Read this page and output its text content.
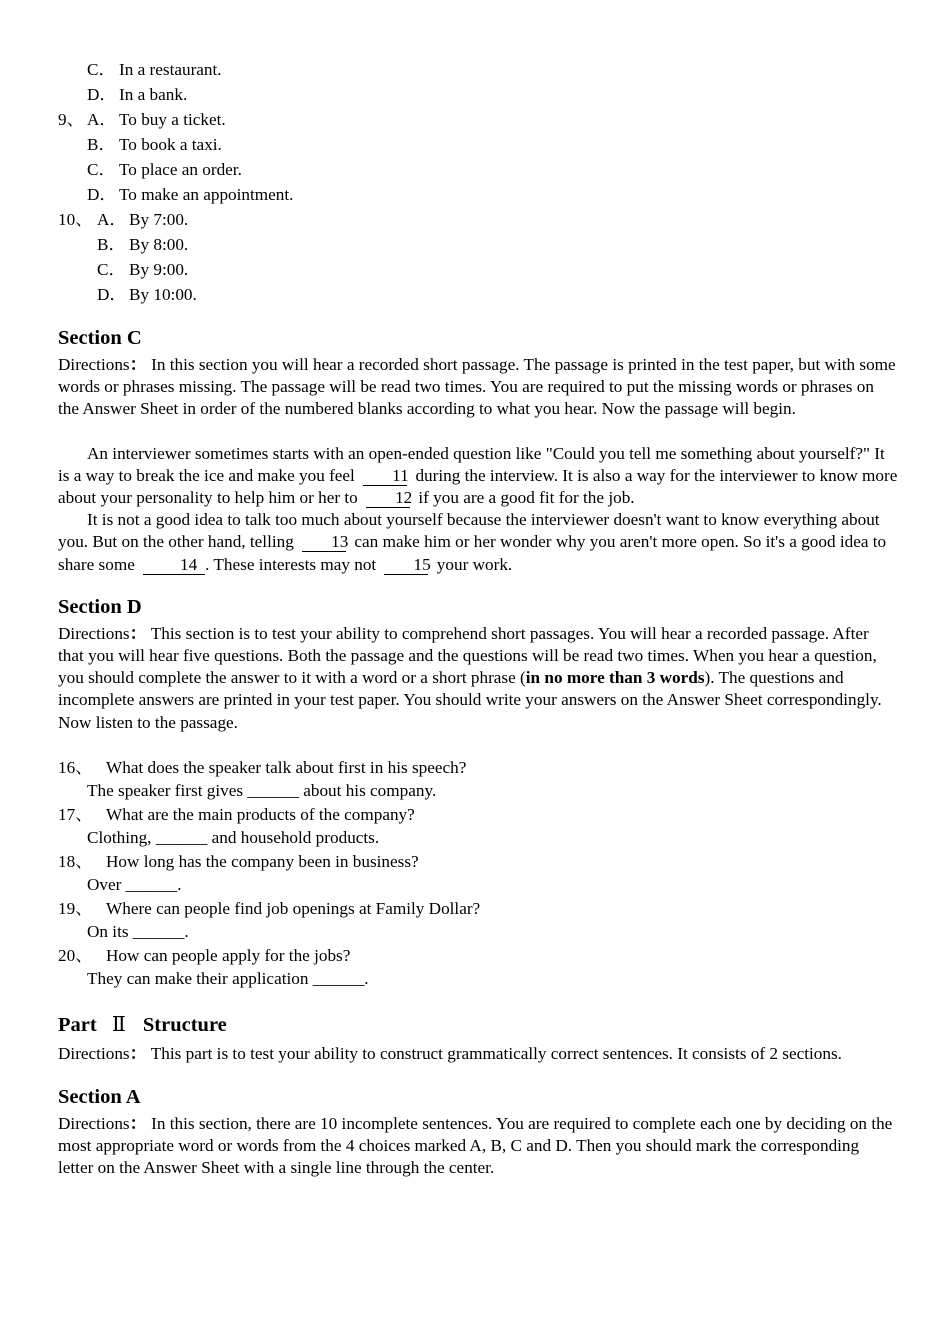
C． In a restaurant.
D． In a bank.
9、 A． To buy a ticket.
B． To book a taxi.
C． To place an order.
D． To make an appointment.
10、 A． By 7:00.
B． By 8:00.
C． By 9:00.
D． By 10:00.
Section C
Directions： In this section you will hear a recorded short passage. The passage is printed in the test paper, but with some words or phrases missing. The passage will be read two times. You are required to put the missing words or phrases on the Answer Sheet in order of the numbered blanks according to what you hear. Now the passage will begin.
An interviewer sometimes starts with an open-ended question like "Could you tell me something about yourself?" It is a way to break the ice and make you feel 11 during the interview. It is also a way for the interviewer to know more about your personality to help him or her to 12 if you are a good fit for the job.
It is not a good idea to talk too much about yourself because the interviewer doesn't want to know everything about you. But on the other hand, telling 13 can make him or her wonder why you aren't more open. So it's a good idea to share some	14 . These interests may not 15 your work.
Section D
Directions： This section is to test your ability to comprehend short passages. You will hear a recorded passage. After that you will hear five questions. Both the passage and the questions will be read two times. When you hear a question, you should complete the answer to it with a word or a short phrase (in no more than 3 words). The questions and incomplete answers are printed in your test paper. You should write your answers on the Answer Sheet correspondingly. Now listen to the passage.
16、 What does the speaker talk about first in his speech?
The speaker first gives ______ about his company.
17、 What are the main products of the company?
Clothing, ______ and household products.
18、 How long has the company been in business?
Over ______.
19、 Where can people find job openings at Family Dollar?
On its ______.
20、 How can people apply for the jobs?
They can make their application ______.
Part Ⅱ Structure
Directions： This part is to test your ability to construct grammatically correct sentences. It consists of 2 sections.
Section A
Directions： In this section, there are 10 incomplete sentences. You are required to complete each one by deciding on the most appropriate word or words from the 4 choices marked A, B, C and D. Then you should mark the corresponding letter on the Answer Sheet with a single line through the center.
